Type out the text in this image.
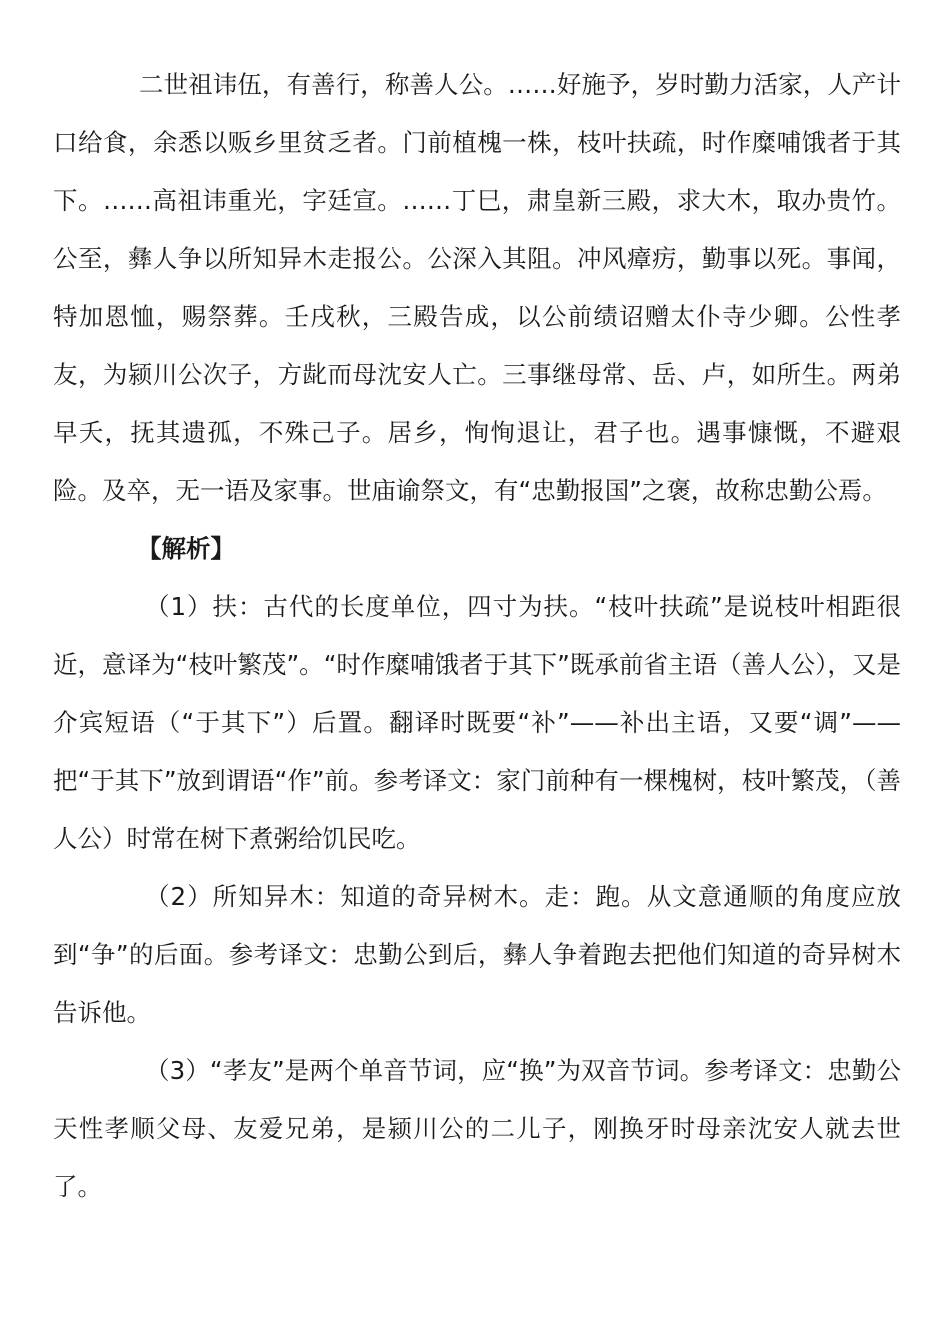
二世祖讳伍，有善行，称善人公。……好施予，岁时勤力活家，人产计口给食，余悉以贩乡里贫乏者。门前植槐一株，枝叶扶疏，时作糜哺饿者于其下。……高祖讳重光，字廷宣。……丁巳，肃皇新三殿，求大木，取办贵竹。公至，彝人争以所知异木走报公。公深入其阻。冲风瘴疠，勤事以死。事闻，特加恩恤，赐祭葬。壬戌秋，三殿告成，以公前绩诏赠太仆寺少卿。公性孝友，为颍川公次子，方龀而母沈安人亡。三事继母常、岳、卢，如所生。两弟早夭，抚其遗孤，不殊己子。居乡，恂恂退让，君子也。遇事慷慨，不避艰险。及卒，无一语及家事。世庙谕祭文，有“忠勤报国”之褒，故称忠勤公焉。

【解析】

（1）扶：古代的长度单位，四寸为扶。“枝叶扶疏”是说枝叶相距很近，意译为“枝叶繁茂”。“时作糜哺饿者于其下”既承前省主语（善人公），又是介宾短语（“于其下”）后置。翻译时既要“补”——补出主语，又要“调”——把“于其下”放到谓语“作”前。参考译文：家门前种有一棵槐树，枝叶繁茂，（善人公）时常在树下煮粥给饥民吃。

（2）所知异木：知道的奇异树木。走：跑。从文意通顺的角度应放到“争”的后面。参考译文：忠勤公到后，彝人争着跑去把他们知道的奇异树木告诉他。

（3）“孝友”是两个单音节词，应“换”为双音节词。参考译文：忠勤公天性孝顺父母、友爱兄弟，是颍川公的二儿子，刚换牙时母亲沈安人就去世了。
